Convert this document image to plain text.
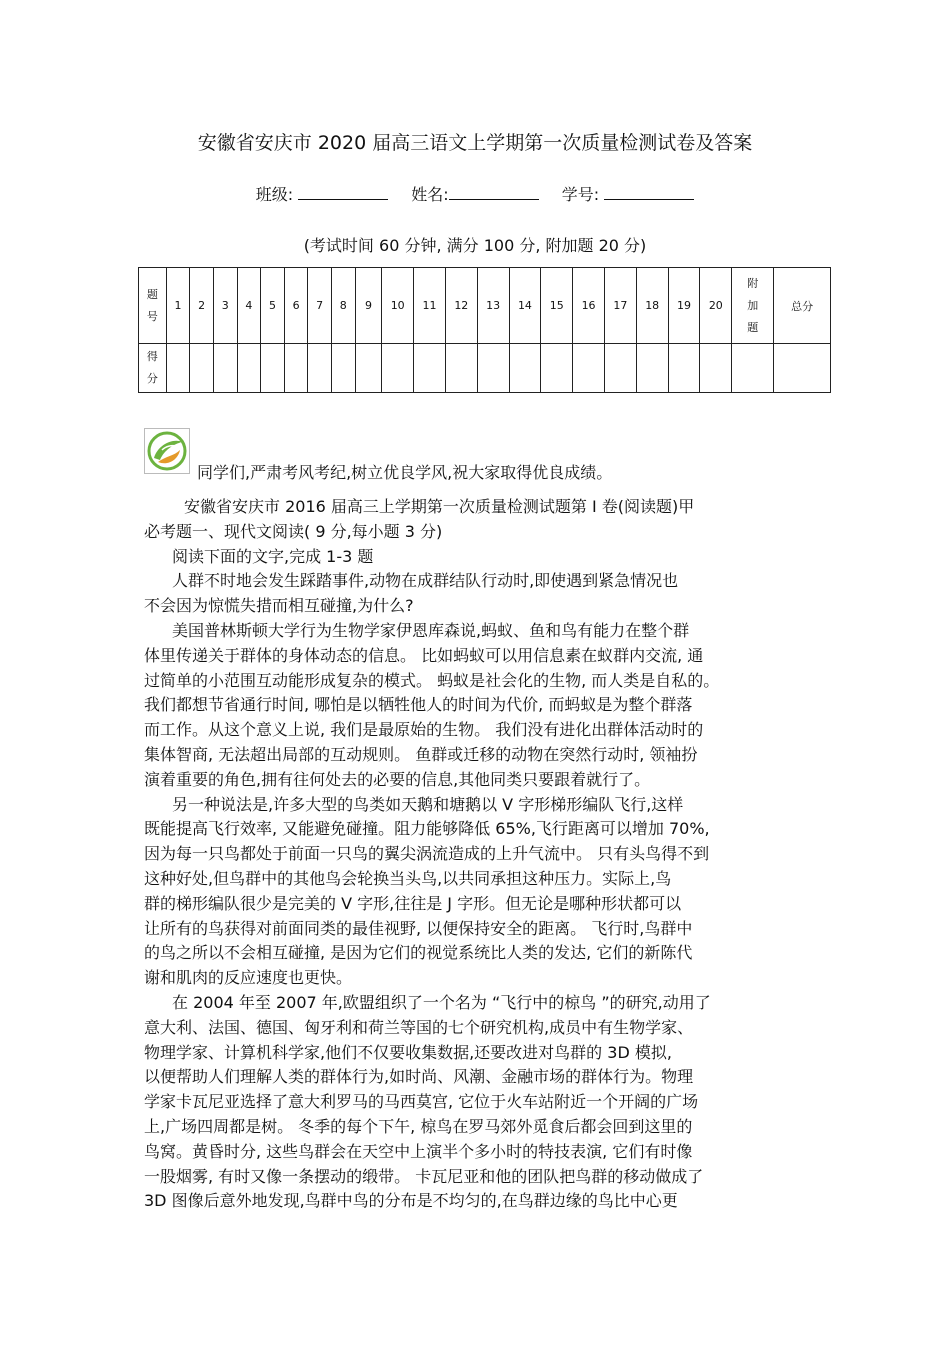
安徽省安庆市 2020 届高三语文上学期第一次质量检测试卷及答案
班级:	姓名:	学号:
(考试时间 60 分钟, 满分 100 分, 附加题 20 分)
题号	1	2	3	4	5	6	7	8	9	10	11	12	13	14	15	16	17	18	19	20	附加题	总分
得分																						
同学们,严肃考风考纪,树立优良学风,祝大家取得优良成绩。

安徽省安庆市 2016 届高三上学期第一次质量检测试题第 I 卷(阅读题)甲

必考题一、现代文阅读( 9 分,每小题 3 分)

阅读下面的文字,完成 1-3 题

人群不时地会发生踩踏事件,动物在成群结队行动时,即使遇到紧急情况也

不会因为惊慌失措而相互碰撞,为什么?

美国普林斯顿大学行为生物学家伊恩库森说,蚂蚁、鱼和鸟有能力在整个群

体里传递关于群体的身体动态的信息。 比如蚂蚁可以用信息素在蚁群内交流, 通

过简单的小范围互动能形成复杂的模式。 蚂蚁是社会化的生物, 而人类是自私的。

我们都想节省通行时间, 哪怕是以牺牲他人的时间为代价, 而蚂蚁是为整个群落

而工作。从这个意义上说, 我们是最原始的生物。 我们没有进化出群体活动时的

集体智商, 无法超出局部的互动规则。 鱼群或迁移的动物在突然行动时, 领袖扮

演着重要的角色,拥有往何处去的必要的信息,其他同类只要跟着就行了。

另一种说法是,许多大型的鸟类如天鹅和塘鹅以 V 字形梯形编队飞行,这样

既能提高飞行效率, 又能避免碰撞。阻力能够降低 65%,飞行距离可以增加 70%,

因为每一只鸟都处于前面一只鸟的翼尖涡流造成的上升气流中。 只有头鸟得不到

这种好处,但鸟群中的其他鸟会轮换当头鸟,以共同承担这种压力。实际上,鸟

群的梯形编队很少是完美的 V 字形,往往是 J 字形。但无论是哪种形状都可以

让所有的鸟获得对前面同类的最佳视野, 以便保持安全的距离。 飞行时,鸟群中

的鸟之所以不会相互碰撞, 是因为它们的视觉系统比人类的发达, 它们的新陈代

谢和肌肉的反应速度也更快。

在 2004 年至 2007 年,欧盟组织了一个名为 “飞行中的椋鸟 ”的研究,动用了

意大利、法国、德国、匈牙利和荷兰等国的七个研究机构,成员中有生物学家、

物理学家、计算机科学家,他们不仅要收集数据,还要改进对鸟群的 3D 模拟,

以便帮助人们理解人类的群体行为,如时尚、风潮、金融市场的群体行为。物理

学家卡瓦尼亚选择了意大利罗马的马西莫宫, 它位于火车站附近一个开阔的广场

上,广场四周都是树。 冬季的每个下午, 椋鸟在罗马郊外觅食后都会回到这里的

鸟窝。黄昏时分, 这些鸟群会在天空中上演半个多小时的特技表演, 它们有时像

一股烟雾, 有时又像一条摆动的缎带。 卡瓦尼亚和他的团队把鸟群的移动做成了

3D 图像后意外地发现,鸟群中鸟的分布是不均匀的,在鸟群边缘的鸟比中心更
